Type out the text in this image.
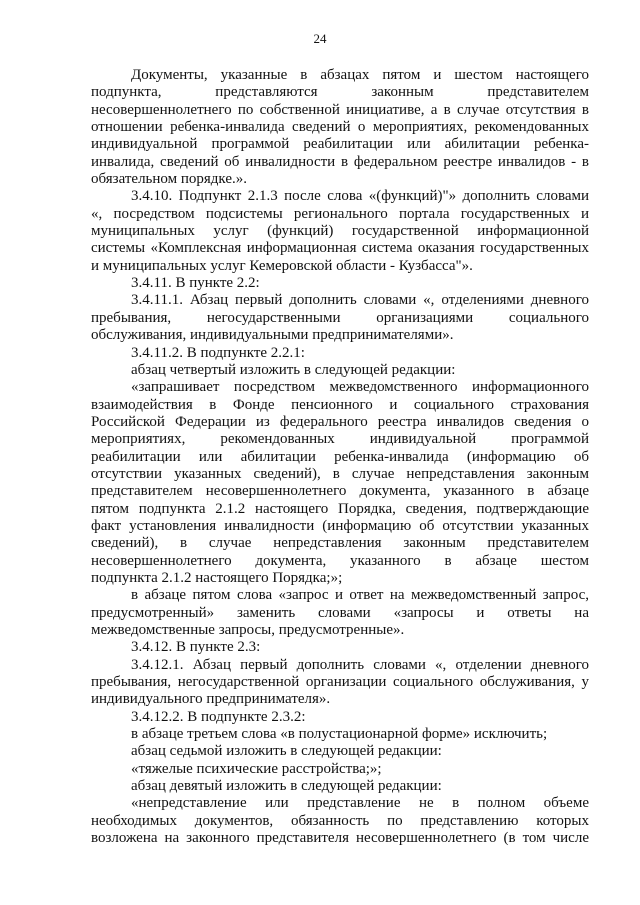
24
Документы, указанные в абзацах пятом и шестом настоящего
подпункта, представляются законным представителем
несовершеннолетнего по собственной инициативе, а в случае отсутствия в
отношении ребенка-инвалида сведений о мероприятиях, рекомендованных
индивидуальной программой реабилитации или абилитации ребенка-
инвалида, сведений об инвалидности в федеральном реестре инвалидов - в
обязательном порядке.».
3.4.10. Подпункт 2.1.3 после слова «(функций)"» дополнить словами
«, посредством подсистемы регионального портала государственных и
муниципальных услуг (функций) государственной информационной
системы «Комплексная информационная система оказания государственных
и муниципальных услуг Кемеровской области - Кузбасса"».
3.4.11. В пункте 2.2:
3.4.11.1. Абзац первый дополнить словами «, отделениями дневного
пребывания, негосударственными организациями социального
обслуживания, индивидуальными предпринимателями».
3.4.11.2. В подпункте 2.2.1:
абзац четвертый изложить в следующей редакции:
«запрашивает посредством межведомственного информационного
взаимодействия в Фонде пенсионного и социального страхования
Российской Федерации из федерального реестра инвалидов сведения о
мероприятиях, рекомендованных индивидуальной программой
реабилитации или абилитации ребенка-инвалида (информацию об
отсутствии указанных сведений), в случае непредставления законным
представителем несовершеннолетнего документа, указанного в абзаце
пятом подпункта 2.1.2 настоящего Порядка, сведения, подтверждающие
факт установления инвалидности (информацию об отсутствии указанных
сведений), в случае непредставления законным представителем
несовершеннолетнего документа, указанного в абзаце шестом
подпункта 2.1.2 настоящего Порядка;»;
в абзаце пятом слова «запрос и ответ на межведомственный запрос,
предусмотренный» заменить словами «запросы и ответы на
межведомственные запросы, предусмотренные».
3.4.12. В пункте 2.3:
3.4.12.1. Абзац первый дополнить словами «, отделении дневного
пребывания, негосударственной организации социального обслуживания, у
индивидуального предпринимателя».
3.4.12.2. В подпункте 2.3.2:
в абзаце третьем слова «в полустационарной форме» исключить;
абзац седьмой изложить в следующей редакции:
«тяжелые психические расстройства;»;
абзац девятый изложить в следующей редакции:
«непредставление или представление не в полном объеме
необходимых документов, обязанность по представлению которых
возложена на законного представителя несовершеннолетнего (в том числе
